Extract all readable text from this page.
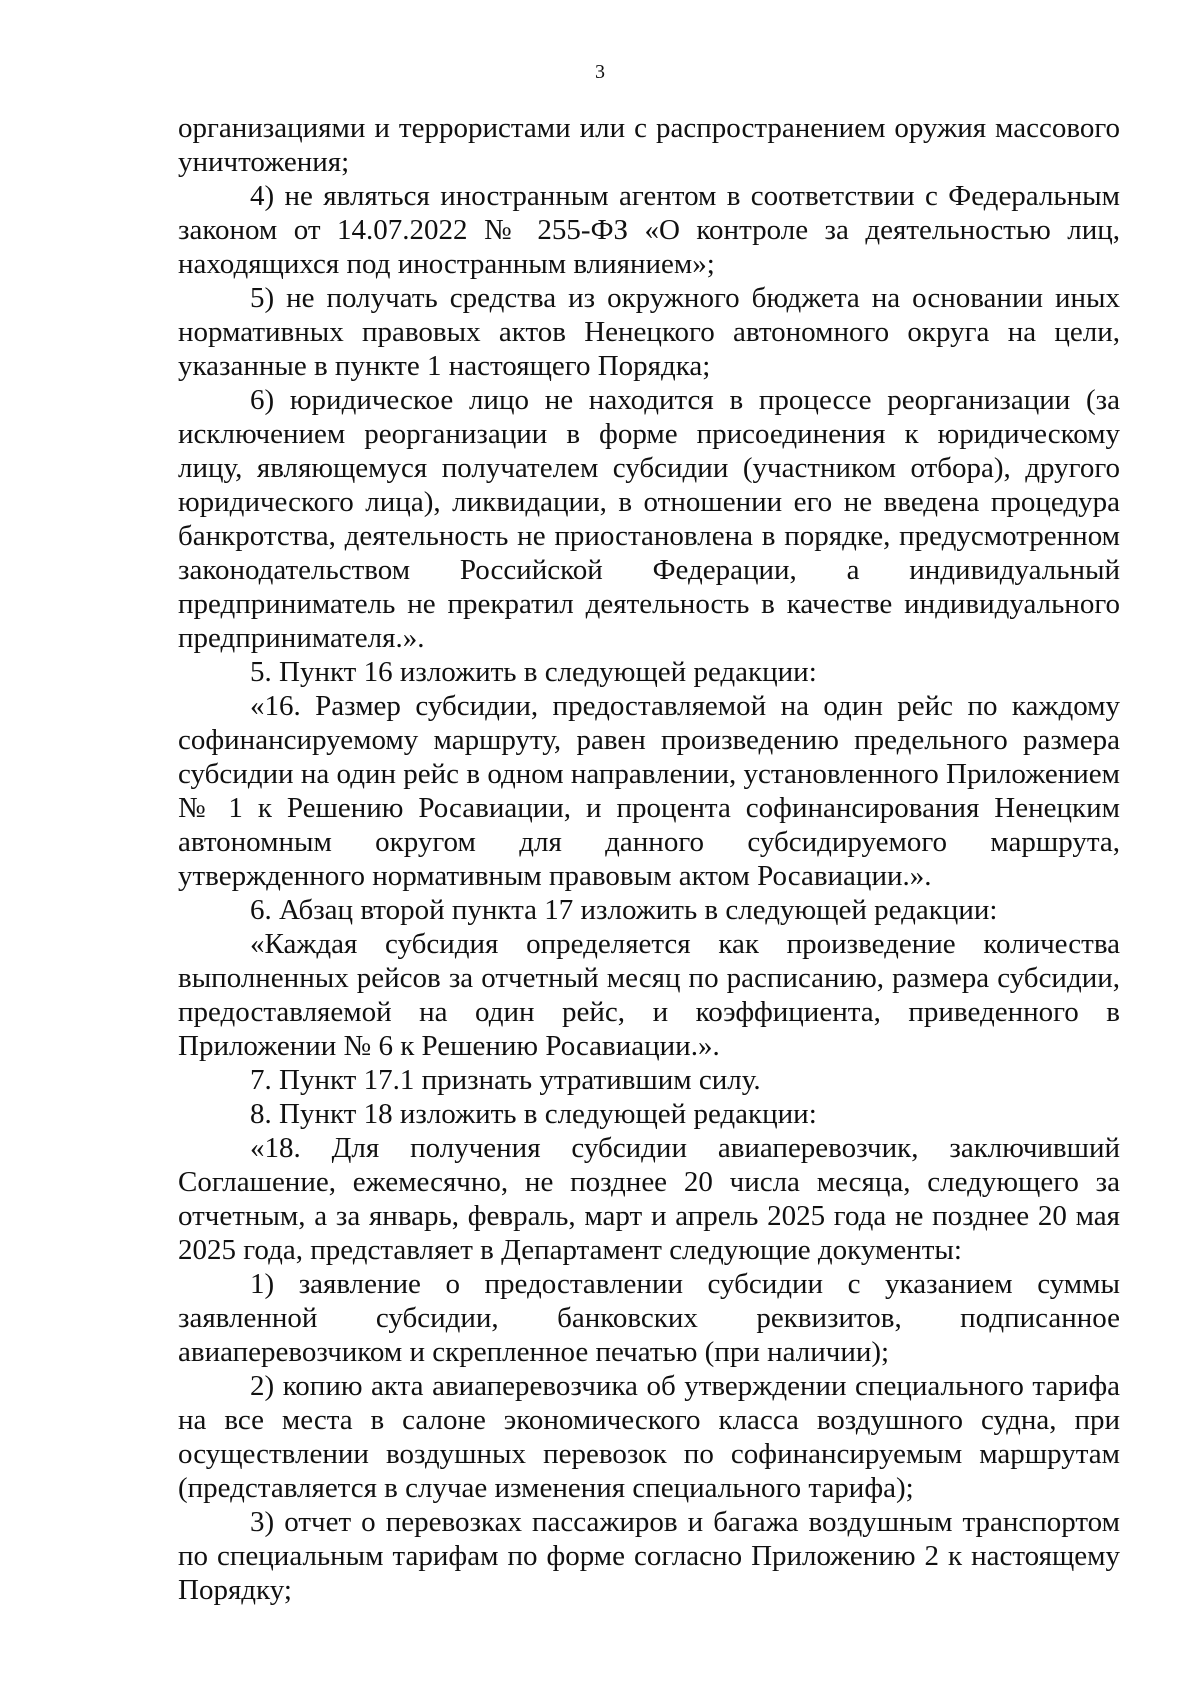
3

организациями и террористами или с распространением оружия массового уничтожения;

4) не являться иностранным агентом в соответствии с Федеральным законом от 14.07.2022 № 255-ФЗ «О контроле за деятельностью лиц, находящихся под иностранным влиянием»;

5) не получать средства из окружного бюджета на основании иных нормативных правовых актов Ненецкого автономного округа на цели, указанные в пункте 1 настоящего Порядка;

6) юридическое лицо не находится в процессе реорганизации (за исключением реорганизации в форме присоединения к юридическому лицу, являющемуся получателем субсидии (участником отбора), другого юридического лица), ликвидации, в отношении его не введена процедура банкротства, деятельность не приостановлена в порядке, предусмотренном законодательством Российской Федерации, а индивидуальный предприниматель не прекратил деятельность в качестве индивидуального предпринимателя.».

5. Пункт 16 изложить в следующей редакции:

«16. Размер субсидии, предоставляемой на один рейс по каждому софинансируемому маршруту, равен произведению предельного размера субсидии на один рейс в одном направлении, установленного Приложением № 1 к Решению Росавиации, и процента софинансирования Ненецким автономным округом для данного субсидируемого маршрута, утвержденного нормативным правовым актом Росавиации.».

6. Абзац второй пункта 17 изложить в следующей редакции:

«Каждая субсидия определяется как произведение количества выполненных рейсов за отчетный месяц по расписанию, размера субсидии, предоставляемой на один рейс, и коэффициента, приведенного в Приложении № 6 к Решению Росавиации.».

7. Пункт 17.1 признать утратившим силу.

8. Пункт 18 изложить в следующей редакции:

«18. Для получения субсидии авиаперевозчик, заключивший Соглашение, ежемесячно, не позднее 20 числа месяца, следующего за отчетным, а за январь, февраль, март и апрель 2025 года не позднее 20 мая 2025 года, представляет в Департамент следующие документы:

1) заявление о предоставлении субсидии с указанием суммы заявленной субсидии, банковских реквизитов, подписанное авиаперевозчиком и скрепленное печатью (при наличии);

2) копию акта авиаперевозчика об утверждении специального тарифа на все места в салоне экономического класса воздушного судна, при осуществлении воздушных перевозок по софинансируемым маршрутам (представляется в случае изменения специального тарифа);

3) отчет о перевозках пассажиров и багажа воздушным транспортом по специальным тарифам по форме согласно Приложению 2 к настоящему Порядку;
